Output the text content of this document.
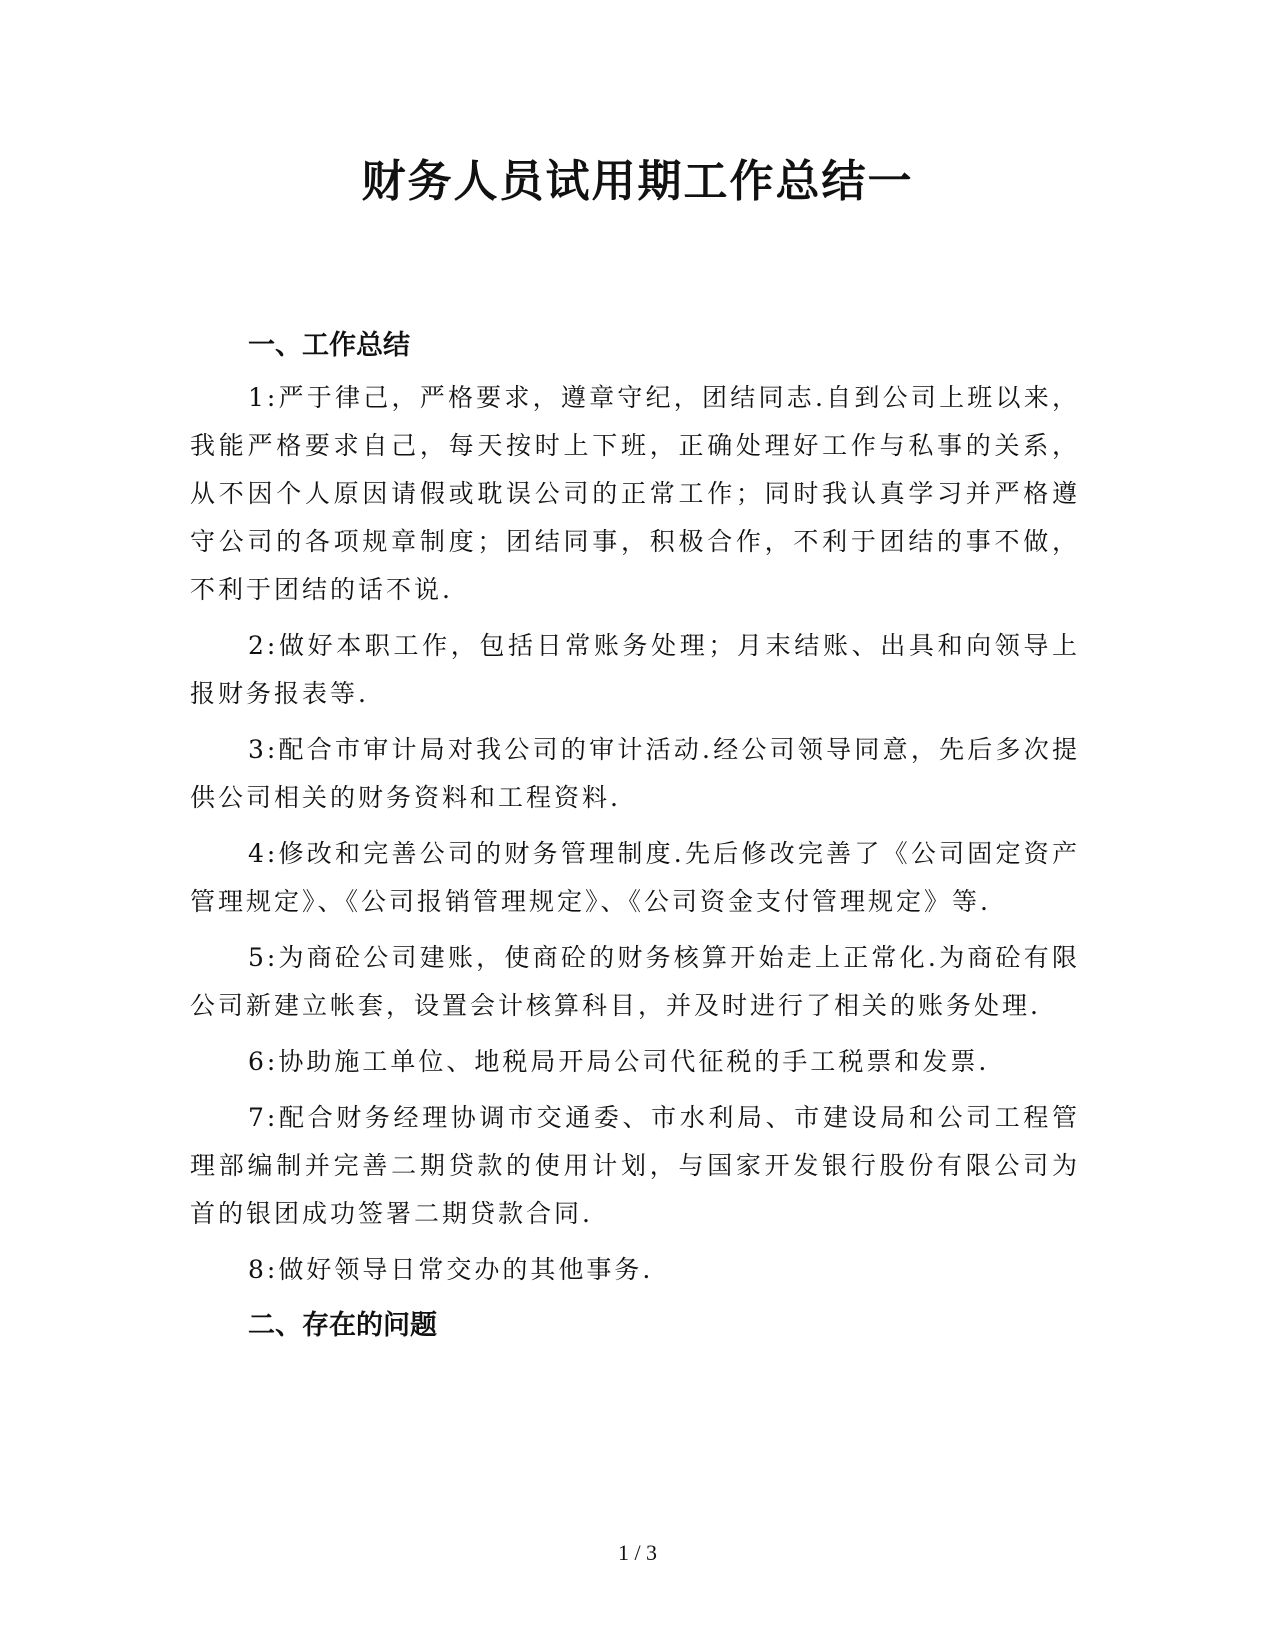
财务人员试用期工作总结一
一、工作总结

1:严于律己，严格要求，遵章守纪，团结同志.自到公司上班以来，我能严格要求自己，每天按时上下班，正确处理好工作与私事的关系，从不因个人原因请假或耽误公司的正常工作；同时我认真学习并严格遵守公司的各项规章制度；团结同事，积极合作，不利于团结的事不做，不利于团结的话不说.

2:做好本职工作，包括日常账务处理；月末结账、出具和向领导上报财务报表等.

3:配合市审计局对我公司的审计活动.经公司领导同意，先后多次提供公司相关的财务资料和工程资料.

4:修改和完善公司的财务管理制度.先后修改完善了《公司固定资产管理规定》、《公司报销管理规定》、《公司资金支付管理规定》等.

5:为商砼公司建账，使商砼的财务核算开始走上正常化.为商砼有限公司新建立帐套，设置会计核算科目，并及时进行了相关的账务处理.

6:协助施工单位、地税局开局公司代征税的手工税票和发票.

7:配合财务经理协调市交通委、市水利局、市建设局和公司工程管理部编制并完善二期贷款的使用计划，与国家开发银行股份有限公司为首的银团成功签署二期贷款合同.

8:做好领导日常交办的其他事务.

二、存在的问题
1 / 3
